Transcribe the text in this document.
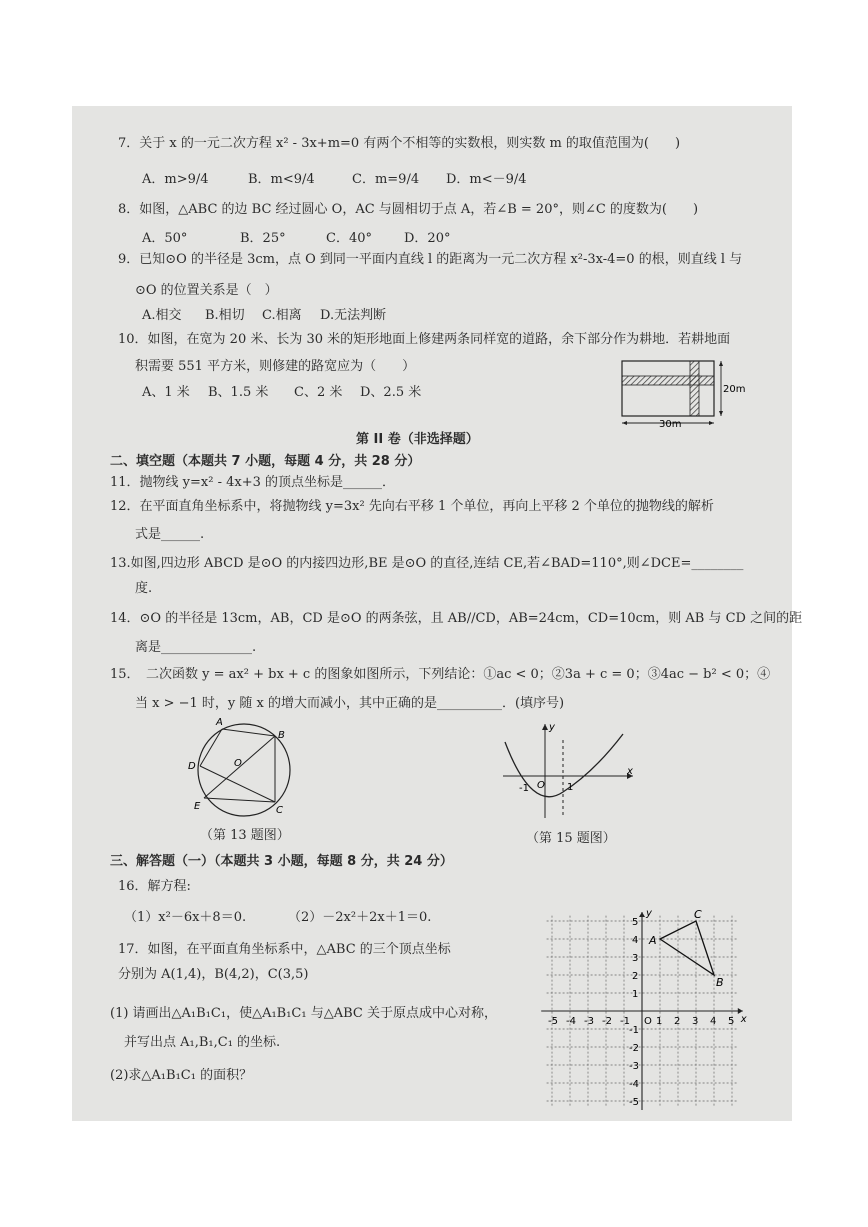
7．关于 x 的一元二次方程 x² - 3x+m=0 有两个不相等的实数根，则实数 m 的取值范围为(　　)
A．m>9/4	B．m<9/4	C．m=9/4 D．m<－9/4
8．如图，△ABC 的边 BC 经过圆心 O，AC 与圆相切于点 A，若∠B = 20°，则∠C 的度数为(　　)
A．50°	B．25°	C．40° D．20°
9．已知⊙O 的半径是 3cm，点 O 到同一平面内直线 l 的距离为一元二次方程 x²-3x-4=0 的根，则直线 l 与
⊙O 的位置关系是（　）
A.相交 B.相切 C.相离 D.无法判断
10．如图，在宽为 20 米、长为 30 米的矩形地面上修建两条同样宽的道路，余下部分作为耕地．若耕地面
积需要 551 平方米，则修建的路宽应为（　　）
A、1 米 B、1.5 米 C、2 米 D、2.5 米
30m
20m
第 II 卷（非选择题）
二、填空题（本题共 7 小题，每题 4 分，共 28 分）
11．抛物线 y=x² - 4x+3 的顶点坐标是______．
12．在平面直角坐标系中，将抛物线 y=3x² 先向右平移 1 个单位，再向上平移 2 个单位的抛物线的解析
式是______.
13.如图,四边形 ABCD 是⊙O 的内接四边形,BE 是⊙O 的直径,连结 CE,若∠BAD=110°,则∠DCE=________
度.
14．⊙O 的半径是 13cm，AB，CD 是⊙O 的两条弦，且 AB//CD，AB=24cm，CD=10cm，则 AB 与 CD 之间的距
离是______________.
15．　二次函数 y = ax² + bx + c 的图象如图所示，下列结论：①ac < 0；②3a + c = 0；③4ac − b² < 0；④
当 x > −1 时，y 随 x 的增大而减小，其中正确的是__________．(填序号)
A
B
C
D
E
O
（第 13 题图）
y
x
O
-1	1
（第 15 题图）
三、解答题（一）（本题共 3 小题，每题 8 分，共 24 分）
16．解方程:
（1）x²－6x＋8＝0.	（2）－2x²＋2x＋1＝0.
17．如图，在平面直角坐标系中，△ABC 的三个顶点坐标
分别为 A(1,4)，B(4,2)，C(3,5)
(1) 请画出△A₁B₁C₁，使△A₁B₁C₁ 与△ABC 关于原点成中心对称，
并写出点 A₁,B₁,C₁ 的坐标.
(2)求△A₁B₁C₁ 的面积？
-5 -4 -3 -2 -1 O 1 2 3 4 5
5
4
3
2
1
-1
-2
-3
-4
-5
x
y
A
B
C
